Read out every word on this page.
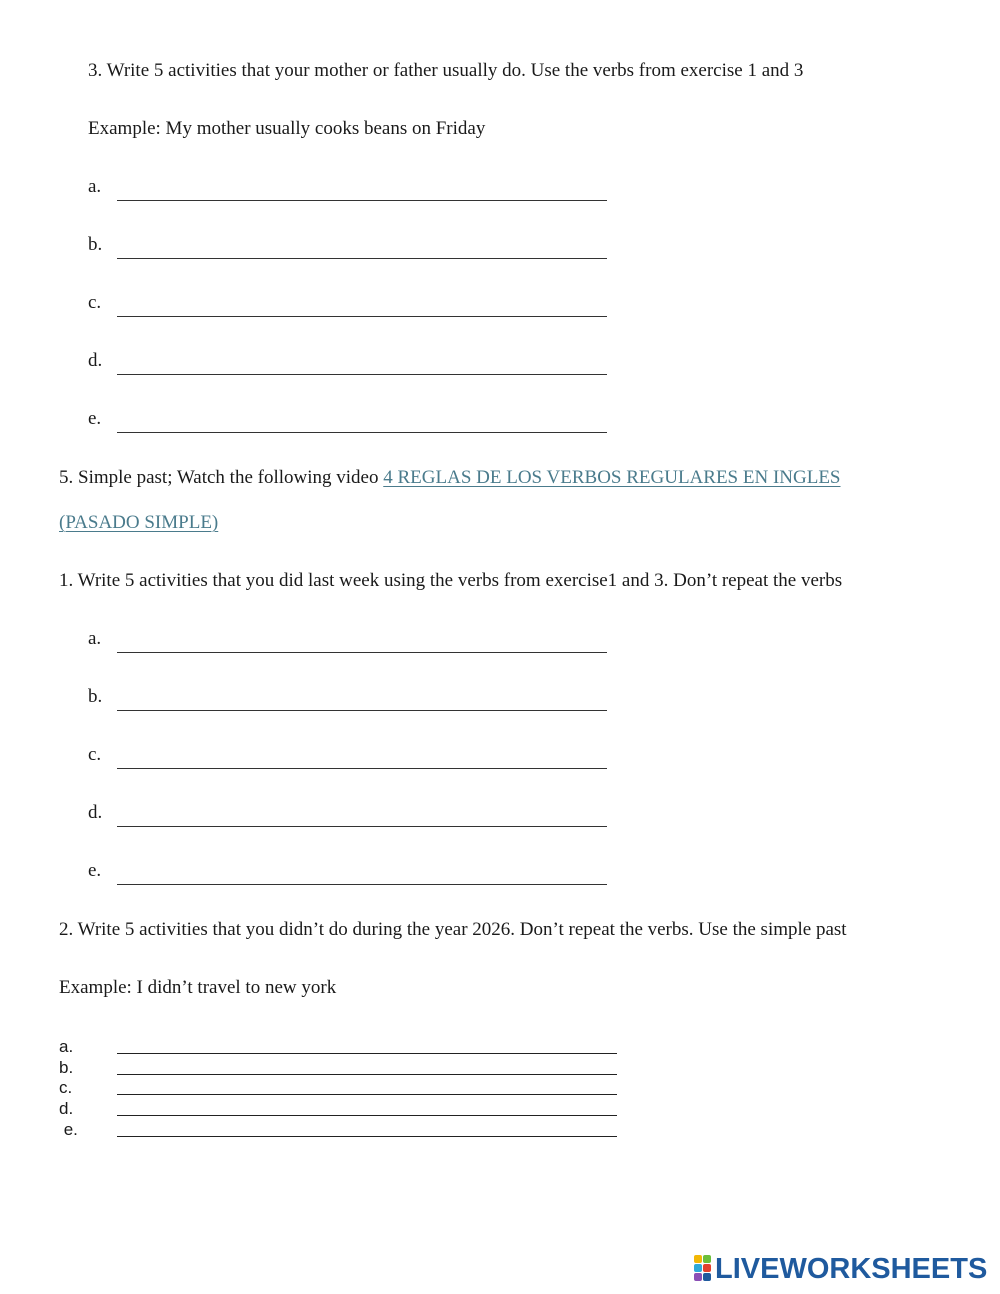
3. Write 5 activities that your mother or father usually do. Use the verbs from exercise 1 and 3
Example: My mother usually cooks beans on Friday
a.
b.
c.
d.
e.
5. Simple past; Watch the following video 4 REGLAS DE LOS VERBOS REGULARES EN INGLES
(PASADO SIMPLE)
1. Write 5 activities that you did last week using the verbs from exercise1 and 3. Don’t repeat the verbs
a.
b.
c.
d.
e.
2. Write 5 activities that you didn’t do during the year 2026. Don’t repeat the verbs. Use the simple past
Example: I didn’t travel to new york
a.
b.
c.
d.
e.
LIVEWORKSHEETS
